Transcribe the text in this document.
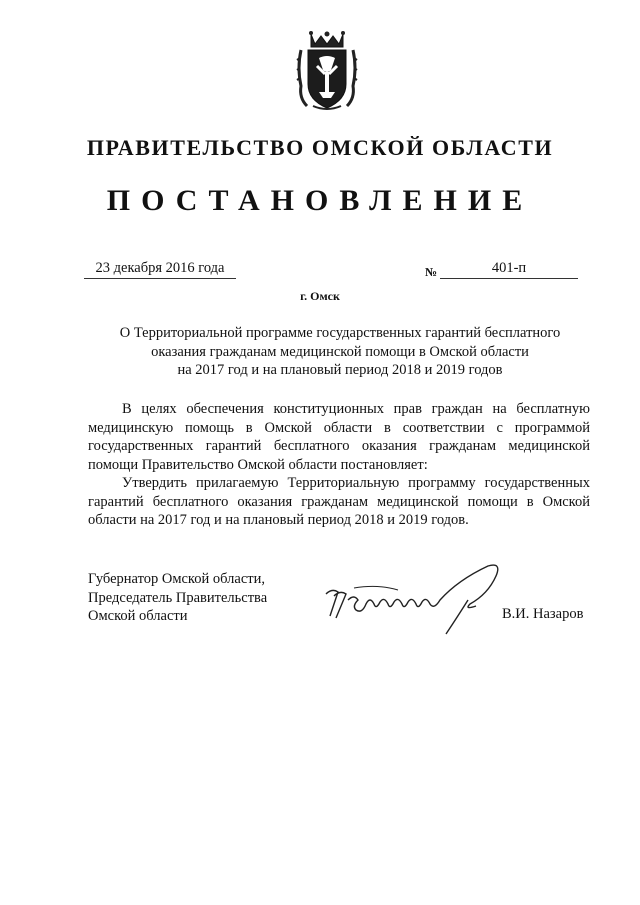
ПРАВИТЕЛЬСТВО ОМСКОЙ ОБЛАСТИ
ПОСТАНОВЛЕНИЕ
23 декабря 2016 года	№	401-п
г. Омск
О Территориальной программе государственных гарантий бесплатного
оказания гражданам медицинской помощи в Омской области
на 2017 год и на плановый период 2018 и 2019 годов

В целях обеспечения конституционных прав граждан на бесплатную медицинскую помощь в Омской области в соответствии с программой государственных гарантий бесплатного оказания гражданам медицинской помощи Правительство Омской области постановляет:

Утвердить прилагаемую Территориальную программу государственных гарантий бесплатного оказания гражданам медицинской помощи в Омской области на 2017 год и на плановый период 2018 и 2019 годов.

Губернатор Омской области,
Председатель Правительства
Омской области	В.И. Назаров
